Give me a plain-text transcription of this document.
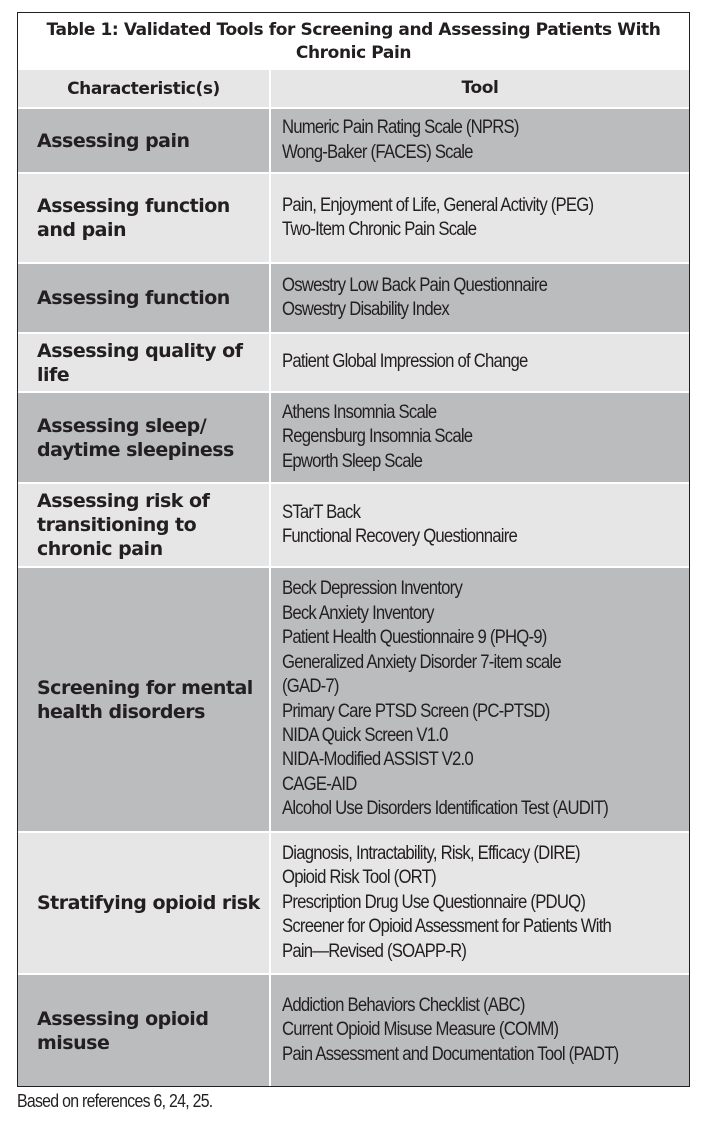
Table 1: Validated Tools for Screening and Assessing Patients With Chronic Pain
Characteristic(s)	Tool
Assessing pain
Numeric Pain Rating Scale (NPRS)
Wong-Baker (FACES) Scale
Assessing function and pain
Pain, Enjoyment of Life, General Activity (PEG)
Two-Item Chronic Pain Scale
Assessing function
Oswestry Low Back Pain Questionnaire
Oswestry Disability Index
Assessing quality of life
Patient Global Impression of Change
Assessing sleep/ daytime sleepiness
Athens Insomnia Scale
Regensburg Insomnia Scale
Epworth Sleep Scale
Assessing risk of transitioning to chronic pain
STarT Back
Functional Recovery Questionnaire
Screening for mental health disorders
Beck Depression Inventory
Beck Anxiety Inventory
Patient Health Questionnaire 9 (PHQ-9)
Generalized Anxiety Disorder 7-item scale
(GAD-7)
Primary Care PTSD Screen (PC-PTSD)
NIDA Quick Screen V1.0
NIDA-Modified ASSIST V2.0
CAGE-AID
Alcohol Use Disorders Identification Test (AUDIT)
Stratifying opioid risk
Diagnosis, Intractability, Risk, Efficacy (DIRE)
Opioid Risk Tool (ORT)
Prescription Drug Use Questionnaire (PDUQ)
Screener for Opioid Assessment for Patients With
Pain—Revised (SOAPP-R)
Assessing opioid misuse
Addiction Behaviors Checklist (ABC)
Current Opioid Misuse Measure (COMM)
Pain Assessment and Documentation Tool (PADT)
Based on references 6, 24, 25.
